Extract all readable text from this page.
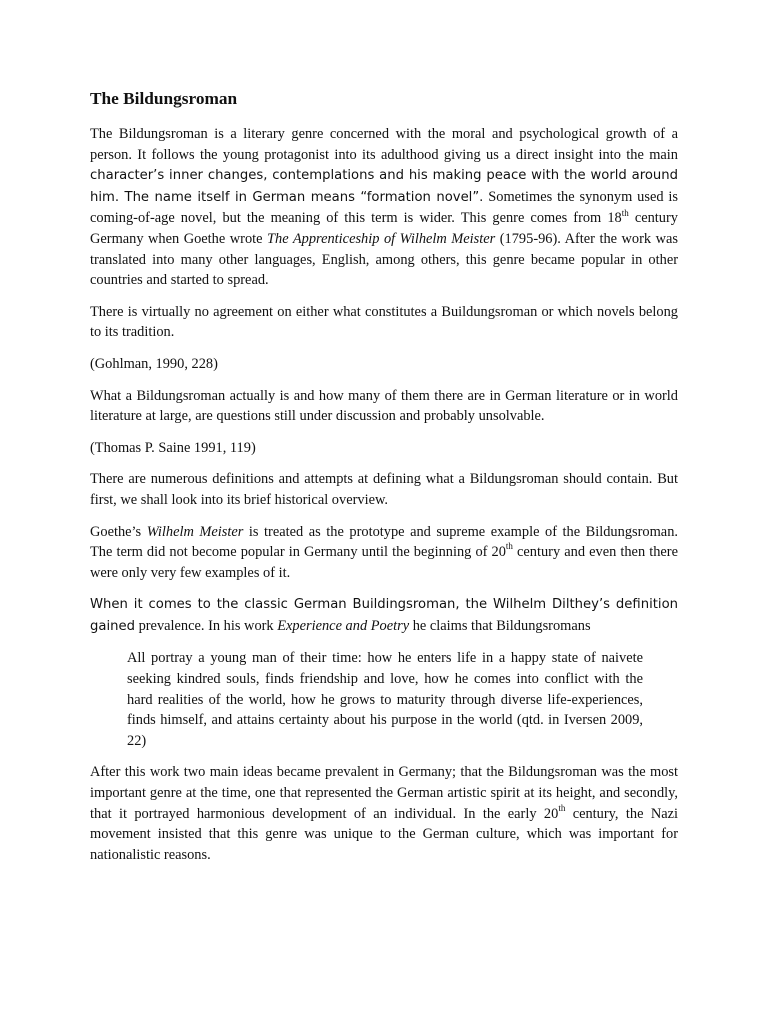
The Bildungsroman

The Bildungsroman is a literary genre concerned with the moral and psychological growth of a person. It follows the young protagonist into its adulthood giving us a direct insight into the main character’s inner changes, contemplations and his making peace with the world around him. The name itself in German means “formation novel”. Sometimes the synonym used is coming-of-age novel, but the meaning of this term is wider. This genre comes from 18th century Germany when Goethe wrote The Apprenticeship of Wilhelm Meister (1795-96). After the work was translated into many other languages, English, among others, this genre became popular in other countries and started to spread.

There is virtually no agreement on either what constitutes a Buildungsroman or which novels belong to its tradition.

(Gohlman, 1990, 228)

What a Bildungsroman actually is and how many of them there are in German literature or in world literature at large, are questions still under discussion and probably unsolvable.

(Thomas P. Saine 1991, 119)

There are numerous definitions and attempts at defining what a Bildungsroman should contain. But first, we shall look into its brief historical overview.

Goethe’s Wilhelm Meister is treated as the prototype and supreme example of the Bildungsroman. The term did not become popular in Germany until the beginning of 20th century and even then there were only very few examples of it.

When it comes to the classic German Buildingsroman, the Wilhelm Dilthey’s definition gained prevalence. In his work Experience and Poetry he claims that Bildungsromans

All portray a young man of their time: how he enters life in a happy state of naivete seeking kindred souls, finds friendship and love, how he comes into conflict with the hard realities of the world, how he grows to maturity through diverse life-experiences, finds himself, and attains certainty about his purpose in the world (qtd. in Iversen 2009, 22)

After this work two main ideas became prevalent in Germany; that the Bildungsroman was the most important genre at the time, one that represented the German artistic spirit at its height, and secondly, that it portrayed harmonious development of an individual. In the early 20th century, the Nazi movement insisted that this genre was unique to the German culture, which was important for nationalistic reasons.
